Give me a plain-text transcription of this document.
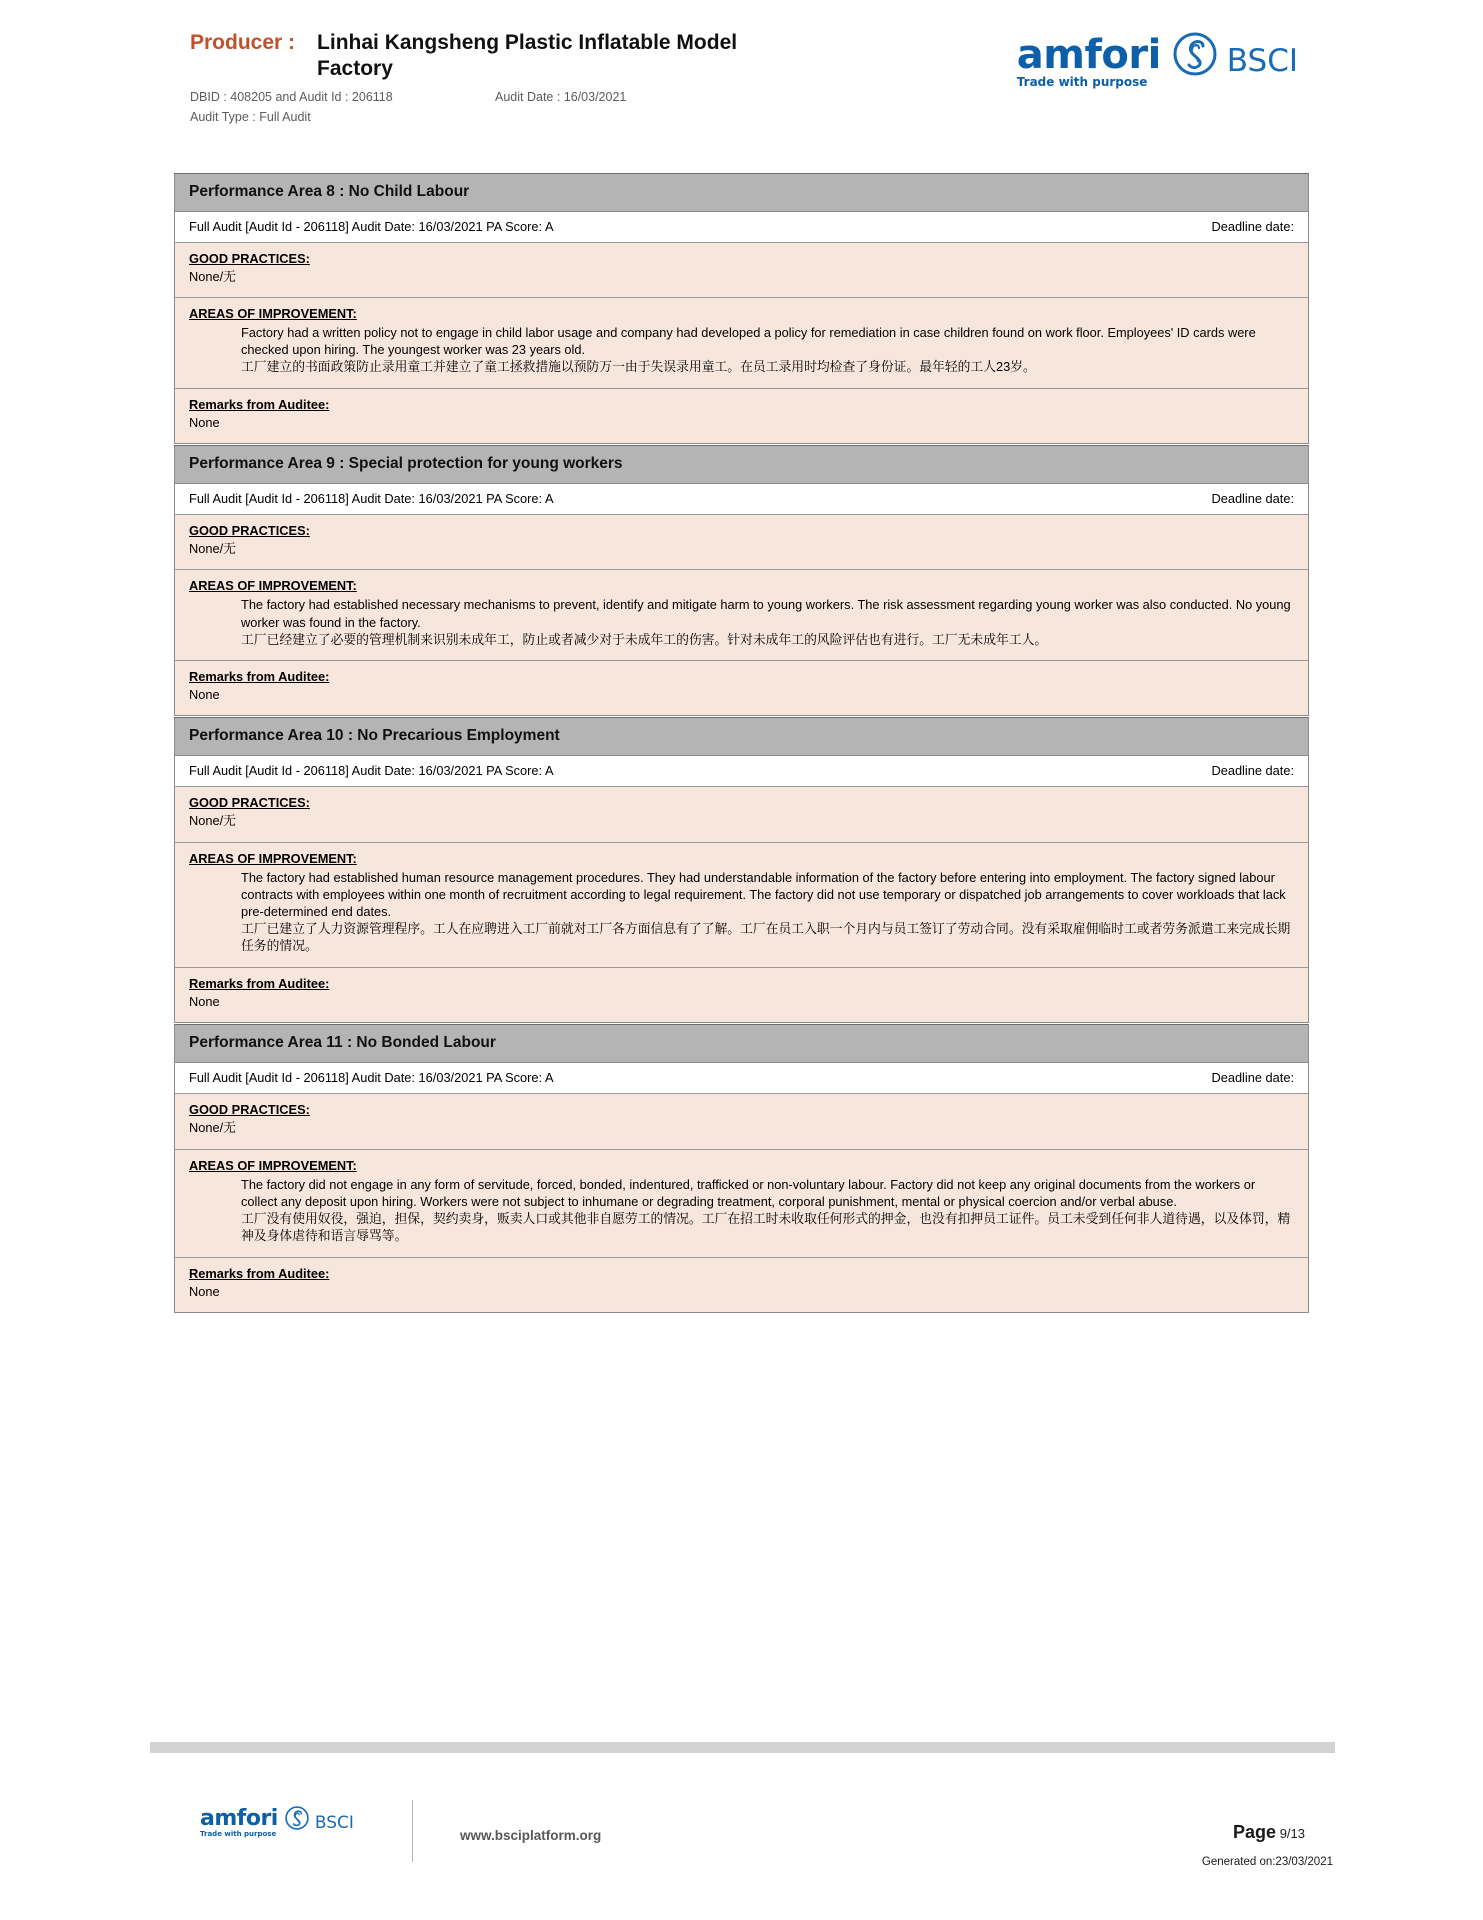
Producer : Linhai Kangsheng Plastic Inflatable Model Factory
DBID : 408205 and Audit Id : 206118	Audit Date : 16/03/2021
Audit Type : Full Audit
amfori
Trade with purpose
BSCI
Performance Area 8 : No Child Labour
Full Audit [Audit Id - 206118] Audit Date: 16/03/2021 PA Score: A	Deadline date:
GOOD PRACTICES:
None/无
AREAS OF IMPROVEMENT:
Factory had a written policy not to engage in child labor usage and company had developed a policy for remediation in case children found on work floor. Employees' ID cards were checked upon hiring. The youngest worker was 23 years old.
工厂建立的书面政策防止录用童工并建立了童工拯救措施以预防万一由于失误录用童工。在员工录用时均检查了身份证。最年轻的工人23岁。
Remarks from Auditee:
None
Performance Area 9 : Special protection for young workers
Full Audit [Audit Id - 206118] Audit Date: 16/03/2021 PA Score: A	Deadline date:
GOOD PRACTICES:
None/无
AREAS OF IMPROVEMENT:
The factory had established necessary mechanisms to prevent, identify and mitigate harm to young workers. The risk assessment regarding young worker was also conducted. No young worker was found in the factory.
工厂已经建立了必要的管理机制来识别未成年工，防止或者减少对于未成年工的伤害。针对未成年工的风险评估也有进行。工厂无未成年工人。
Remarks from Auditee:
None
Performance Area 10 : No Precarious Employment
Full Audit [Audit Id - 206118] Audit Date: 16/03/2021 PA Score: A	Deadline date:
GOOD PRACTICES:
None/无
AREAS OF IMPROVEMENT:
The factory had established human resource management procedures. They had understandable information of the factory before entering into employment. The factory signed labour contracts with employees within one month of recruitment according to legal requirement. The factory did not use temporary or dispatched job arrangements to cover workloads that lack pre-determined end dates.
工厂已建立了人力资源管理程序。工人在应聘进入工厂前就对工厂各方面信息有了了解。工厂在员工入职一个月内与员工签订了劳动合同。没有采取雇佣临时工或者劳务派遣工来完成长期任务的情况。
Remarks from Auditee:
None
Performance Area 11 : No Bonded Labour
Full Audit [Audit Id - 206118] Audit Date: 16/03/2021 PA Score: A	Deadline date:
GOOD PRACTICES:
None/无
AREAS OF IMPROVEMENT:
The factory did not engage in any form of servitude, forced, bonded, indentured, trafficked or non-voluntary labour. Factory did not keep any original documents from the workers or collect any deposit upon hiring. Workers were not subject to inhumane or degrading treatment, corporal punishment, mental or physical coercion and/or verbal abuse.
工厂没有使用奴役，强迫，担保，契约卖身，贩卖人口或其他非自愿劳工的情况。工厂在招工时未收取任何形式的押金，也没有扣押员工证件。员工未受到任何非人道待遇，以及体罚，精神及身体虐待和语言辱骂等。
Remarks from Auditee:
None
amfori
Trade with purpose
BSCI
www.bsciplatform.org	Page 9/13
Generated on:23/03/2021
